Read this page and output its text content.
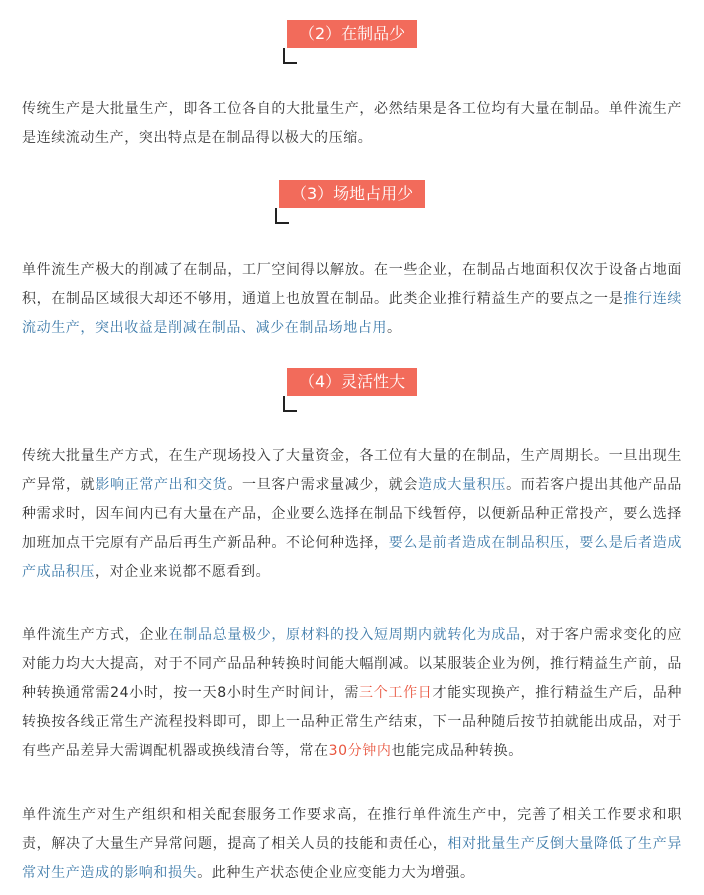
（2）在制品少

传统生产是大批量生产，即各工位各自的大批量生产，必然结果是各工位均有大量在制品。单件流生产是连续流动生产，突出特点是在制品得以极大的压缩。

（3）场地占用少

单件流生产极大的削减了在制品，工厂空间得以解放。在一些企业，在制品占地面积仅次于设备占地面积，在制品区域很大却还不够用，通道上也放置在制品。此类企业推行精益生产的要点之一是推行连续流动生产，突出收益是削减在制品、减少在制品场地占用。

（4）灵活性大

传统大批量生产方式，在生产现场投入了大量资金，各工位有大量的在制品，生产周期长。一旦出现生产异常，就影响正常产出和交货。一旦客户需求量减少，就会造成大量积压。而若客户提出其他产品品种需求时，因车间内已有大量在产品，企业要么选择在制品下线暂停，以便新品种正常投产，要么选择加班加点干完原有产品后再生产新品种。不论何种选择，要么是前者造成在制品积压，要么是后者造成产成品积压，对企业来说都不愿看到。

单件流生产方式，企业在制品总量极少，原材料的投入短周期内就转化为成品，对于客户需求变化的应对能力均大大提高，对于不同产品品种转换时间能大幅削减。以某服装企业为例，推行精益生产前，品种转换通常需24小时，按一天8小时生产时间计，需三个工作日才能实现换产，推行精益生产后，品种转换按各线正常生产流程投料即可，即上一品种正常生产结束，下一品种随后按节拍就能出成品，对于有些产品差异大需调配机器或换线清台等，常在30分钟内也能完成品种转换。

单件流生产对生产组织和相关配套服务工作要求高，在推行单件流生产中，完善了相关工作要求和职责，解决了大量生产异常问题，提高了相关人员的技能和责任心，相对批量生产反倒大量降低了生产异常对生产造成的影响和损失。此种生产状态使企业应变能力大为增强。
